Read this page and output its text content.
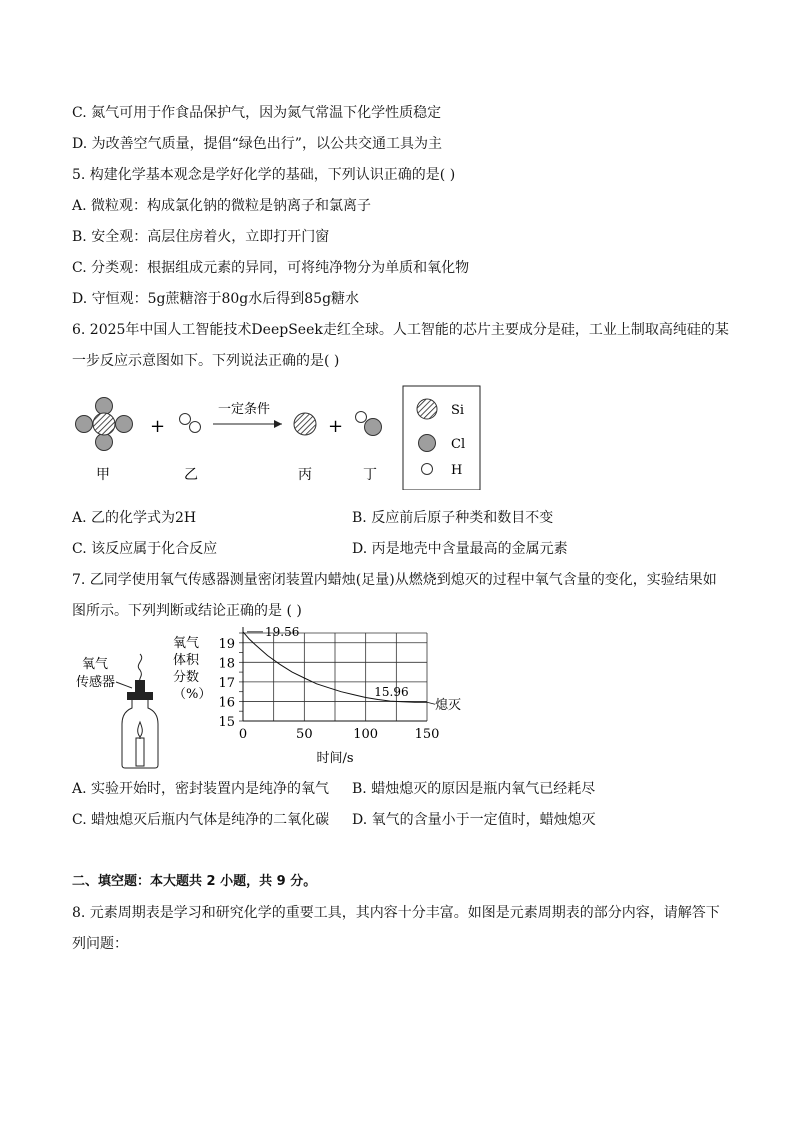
C. 氮气可用于作食品保护气，因为氮气常温下化学性质稳定
D. 为改善空气质量，提倡“绿色出行”，以公共交通工具为主
5. 构建化学基本观念是学好化学的基础，下列认识正确的是( )
A. 微粒观：构成氯化钠的微粒是钠离子和氯离子
B. 安全观：高层住房着火，立即打开门窗
C. 分类观：根据组成元素的异同，可将纯净物分为单质和氧化物
D. 守恒观：5g蔗糖溶于80g水后得到85g糖水
6. 2025年中国人工智能技术DeepSeek走红全球。人工智能的芯片主要成分是硅，工业上制取高纯硅的某
一步反应示意图如下。下列说法正确的是( )
+
一定条件
+
甲	乙	丙	丁
Si
Cl
H
A. 乙的化学式为2H	B. 反应前后原子种类和数目不变
C. 该反应属于化合反应	D. 丙是地壳中含量最高的金属元素
7. 乙同学使用氧气传感器测量密闭装置内蜡烛(足量)从燃烧到熄灭的过程中氧气含量的变化，实验结果如
图所示。下列判断或结论正确的是 ( )
氧气
传感器
氧气
体积
分数
（%）
15
16
17
18
19
0	50	100	150
时间/s
19.56
15.96
熄灭
A. 实验开始时，密封装置内是纯净的氧气 B. 蜡烛熄灭的原因是瓶内氧气已经耗尽
C. 蜡烛熄灭后瓶内气体是纯净的二氧化碳 D. 氧气的含量小于一定值时，蜡烛熄灭
二、填空题：本大题共 2 小题，共 9 分。
8. 元素周期表是学习和研究化学的重要工具，其内容十分丰富。如图是元素周期表的部分内容，请解答下
列问题：
